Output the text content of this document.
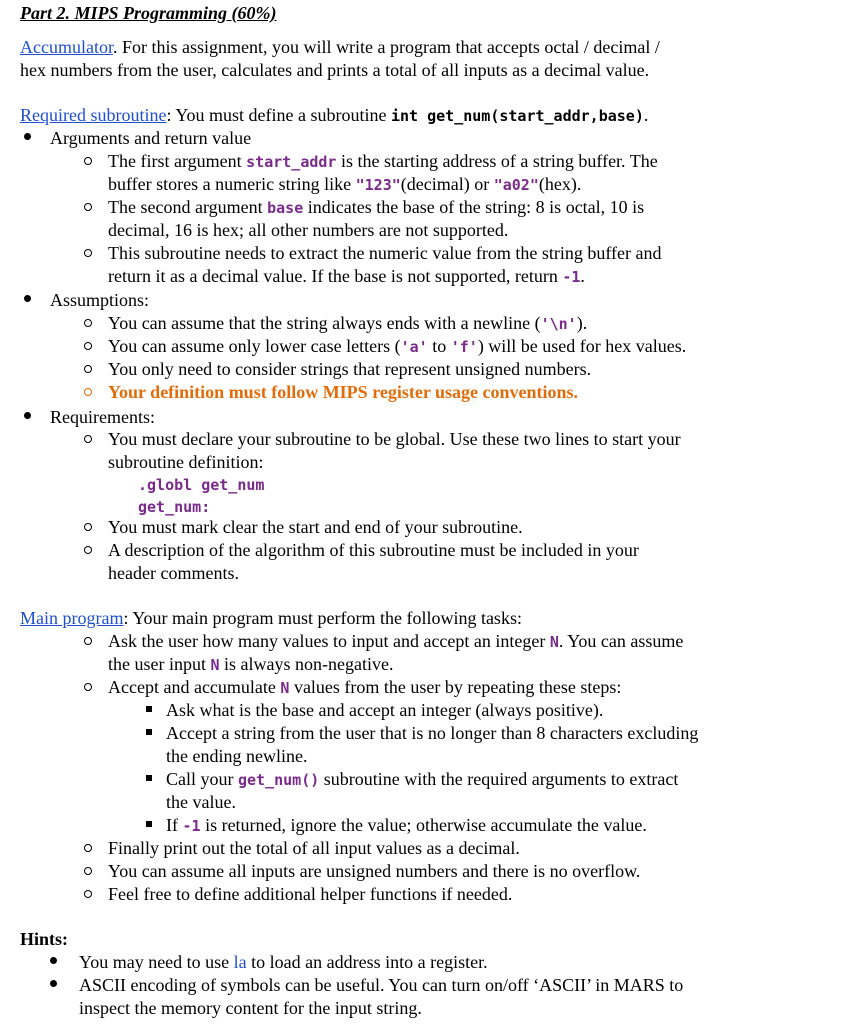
Part 2. MIPS Programming (60%)
Accumulator. For this assignment, you will write a program that accepts octal / decimal /
hex numbers from the user, calculates and prints a total of all inputs as a decimal value.
Required subroutine: You must define a subroutine int get_num(start_addr,base).
Arguments and return value
The first argument start_addr is the starting address of a string buffer. The
buffer stores a numeric string like "123"(decimal) or "a02"(hex).
The second argument base indicates the base of the string: 8 is octal, 10 is
decimal, 16 is hex; all other numbers are not supported.
This subroutine needs to extract the numeric value from the string buffer and
return it as a decimal value. If the base is not supported, return -1.
Assumptions:
You can assume that the string always ends with a newline ('\n').
You can assume only lower case letters ('a' to 'f') will be used for hex values.
You only need to consider strings that represent unsigned numbers.
Your definition must follow MIPS register usage conventions.
Requirements:
You must declare your subroutine to be global. Use these two lines to start your
subroutine definition:
.globl get_num
get_num:
You must mark clear the start and end of your subroutine.
A description of the algorithm of this subroutine must be included in your
header comments.
Main program: Your main program must perform the following tasks:
Ask the user how many values to input and accept an integer N. You can assume
the user input N is always non-negative.
Accept and accumulate N values from the user by repeating these steps:
Ask what is the base and accept an integer (always positive).
Accept a string from the user that is no longer than 8 characters excluding
the ending newline.
Call your get_num() subroutine with the required arguments to extract
the value.
If -1 is returned, ignore the value; otherwise accumulate the value.
Finally print out the total of all input values as a decimal.
You can assume all inputs are unsigned numbers and there is no overflow.
Feel free to define additional helper functions if needed.
Hints:
You may need to use la to load an address into a register.
ASCII encoding of symbols can be useful. You can turn on/off ‘ASCII’ in MARS to
inspect the memory content for the input string.
